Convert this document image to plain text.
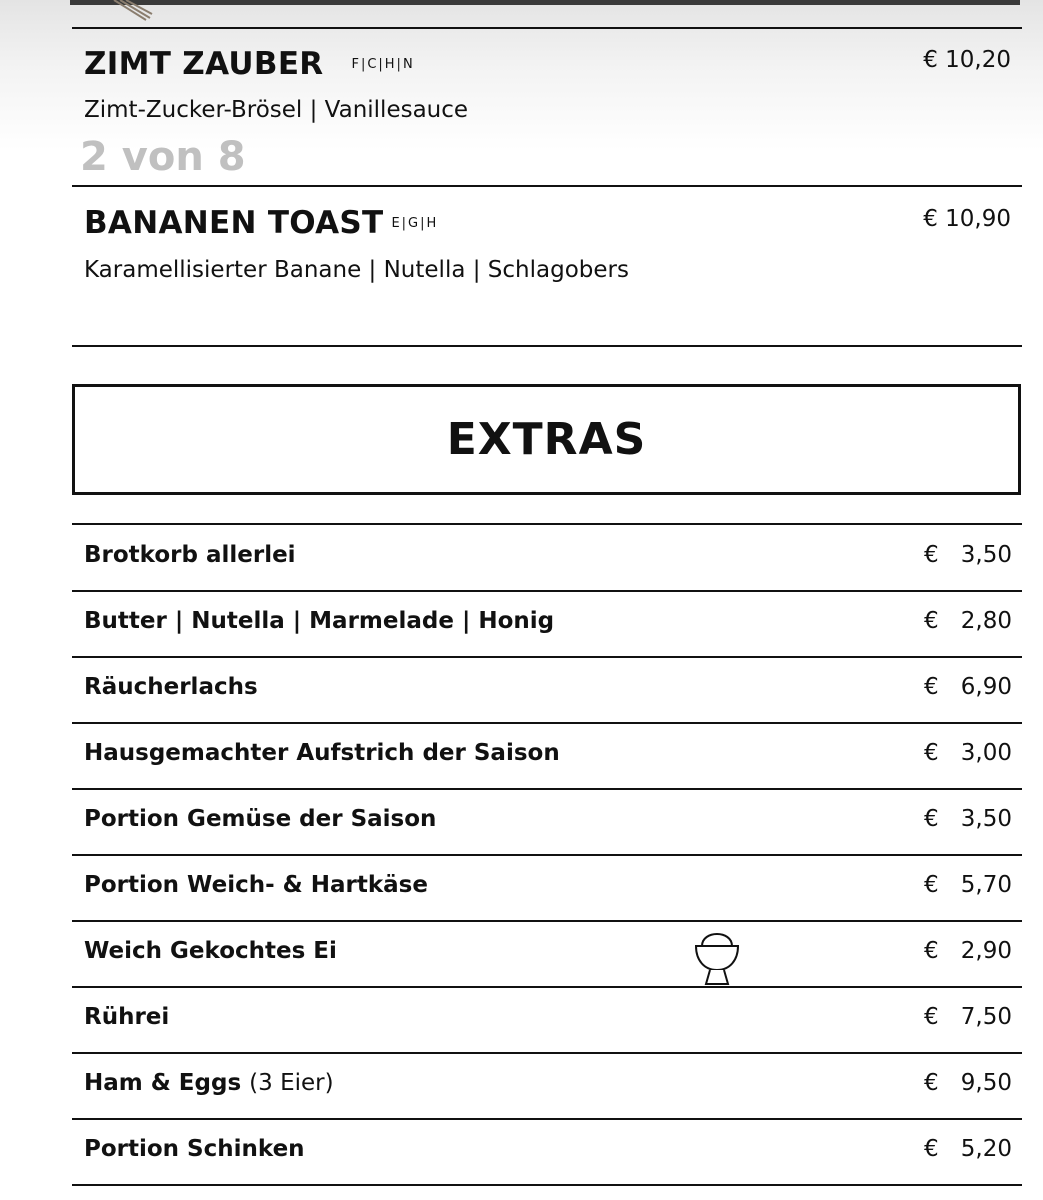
ZIMT ZAUBER F|C|H|N	€ 10,20
Zimt-Zucker-Brösel | Vanillesauce
2 von 8
BANANEN TOAST E|G|H	€ 10,90
Karamellisierter Banane | Nutella | Schlagobers
EXTRAS
Brotkorb allerlei	€ 3,50
Butter | Nutella | Marmelade | Honig	€ 2,80
Räucherlachs	€ 6,90
Hausgemachter Aufstrich der Saison	€ 3,00
Portion Gemüse der Saison	€ 3,50
Portion Weich- & Hartkäse	€ 5,70
Weich Gekochtes Ei	€ 2,90
Rührei	€ 7,50
Ham & Eggs (3 Eier)	€ 9,50
Portion Schinken	€ 5,20
